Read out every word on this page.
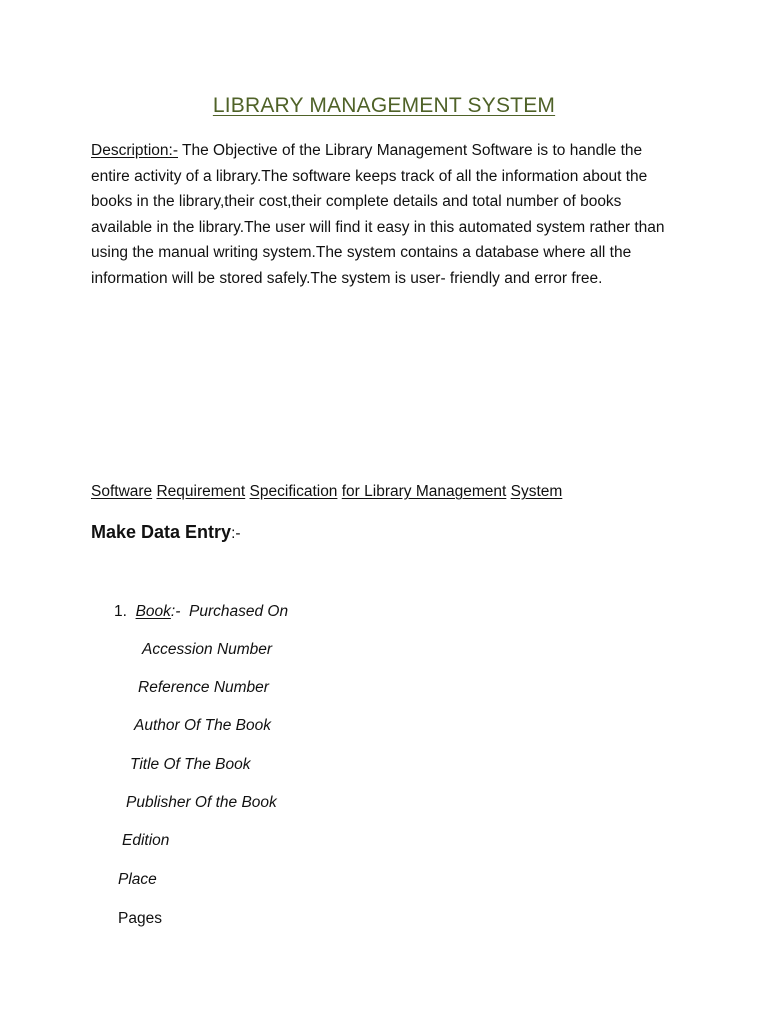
LIBRARY MANAGEMENT SYSTEM
Description:- The Objective of the Library Management Software is to handle the entire activity of a library.The software keeps track of all the information about the books in the library,their cost,their complete details and total number of books available in the library.The user will find it easy in this automated system rather than using the manual writing system.The system contains a database where all the information will be stored safely.The system is user- friendly and error free.
Software Requirement Specification for Library Management System
Make Data Entry:-
1. Book:- Purchased On
Accession Number
Reference Number
Author Of The Book
Title Of The Book
Publisher Of the Book
Edition
Place
Pages
